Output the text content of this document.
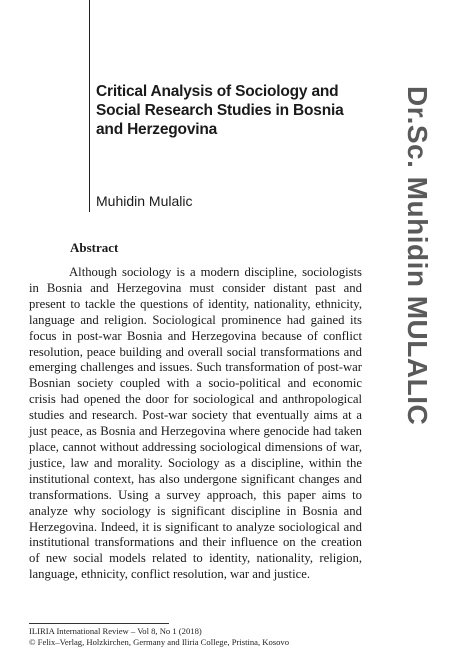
Critical Analysis of Sociology and Social Research Studies in Bosnia and Herzegovina

Muhidin Mulalic	Dr.Sc. Muhidin MULALIC
Abstract

Although sociology is a modern discipline, sociologists in Bosnia and Herzegovina must consider distant past and present to tackle the questions of identity, nationality, ethnicity, language and religion. Sociological prominence had gained its focus in post-war Bosnia and Herzegovina because of conflict resolution, peace building and overall social transformations and emerging challenges and issues. Such transformation of post-war Bosnian society coupled with a socio-political and economic crisis had opened the door for sociological and anthropological studies and research. Post-war society that eventually aims at a just peace, as Bosnia and Herzegovina where genocide had taken place, cannot without addressing sociological dimensions of war, justice, law and morality. Sociology as a discipline, within the institutional context, has also undergone significant changes and transformations. Using a survey approach, this paper aims to analyze why sociology is significant discipline in Bosnia and Herzegovina. Indeed, it is significant to analyze sociological and institutional transformations and their influence on the creation of new social models related to identity, nationality, religion, language, ethnicity, conflict resolution, war and justice.

ILIRIA International Review – Vol 8, No 1 (2018)
© Felix–Verlag, Holzkirchen, Germany and Iliria College, Pristina, Kosovo
